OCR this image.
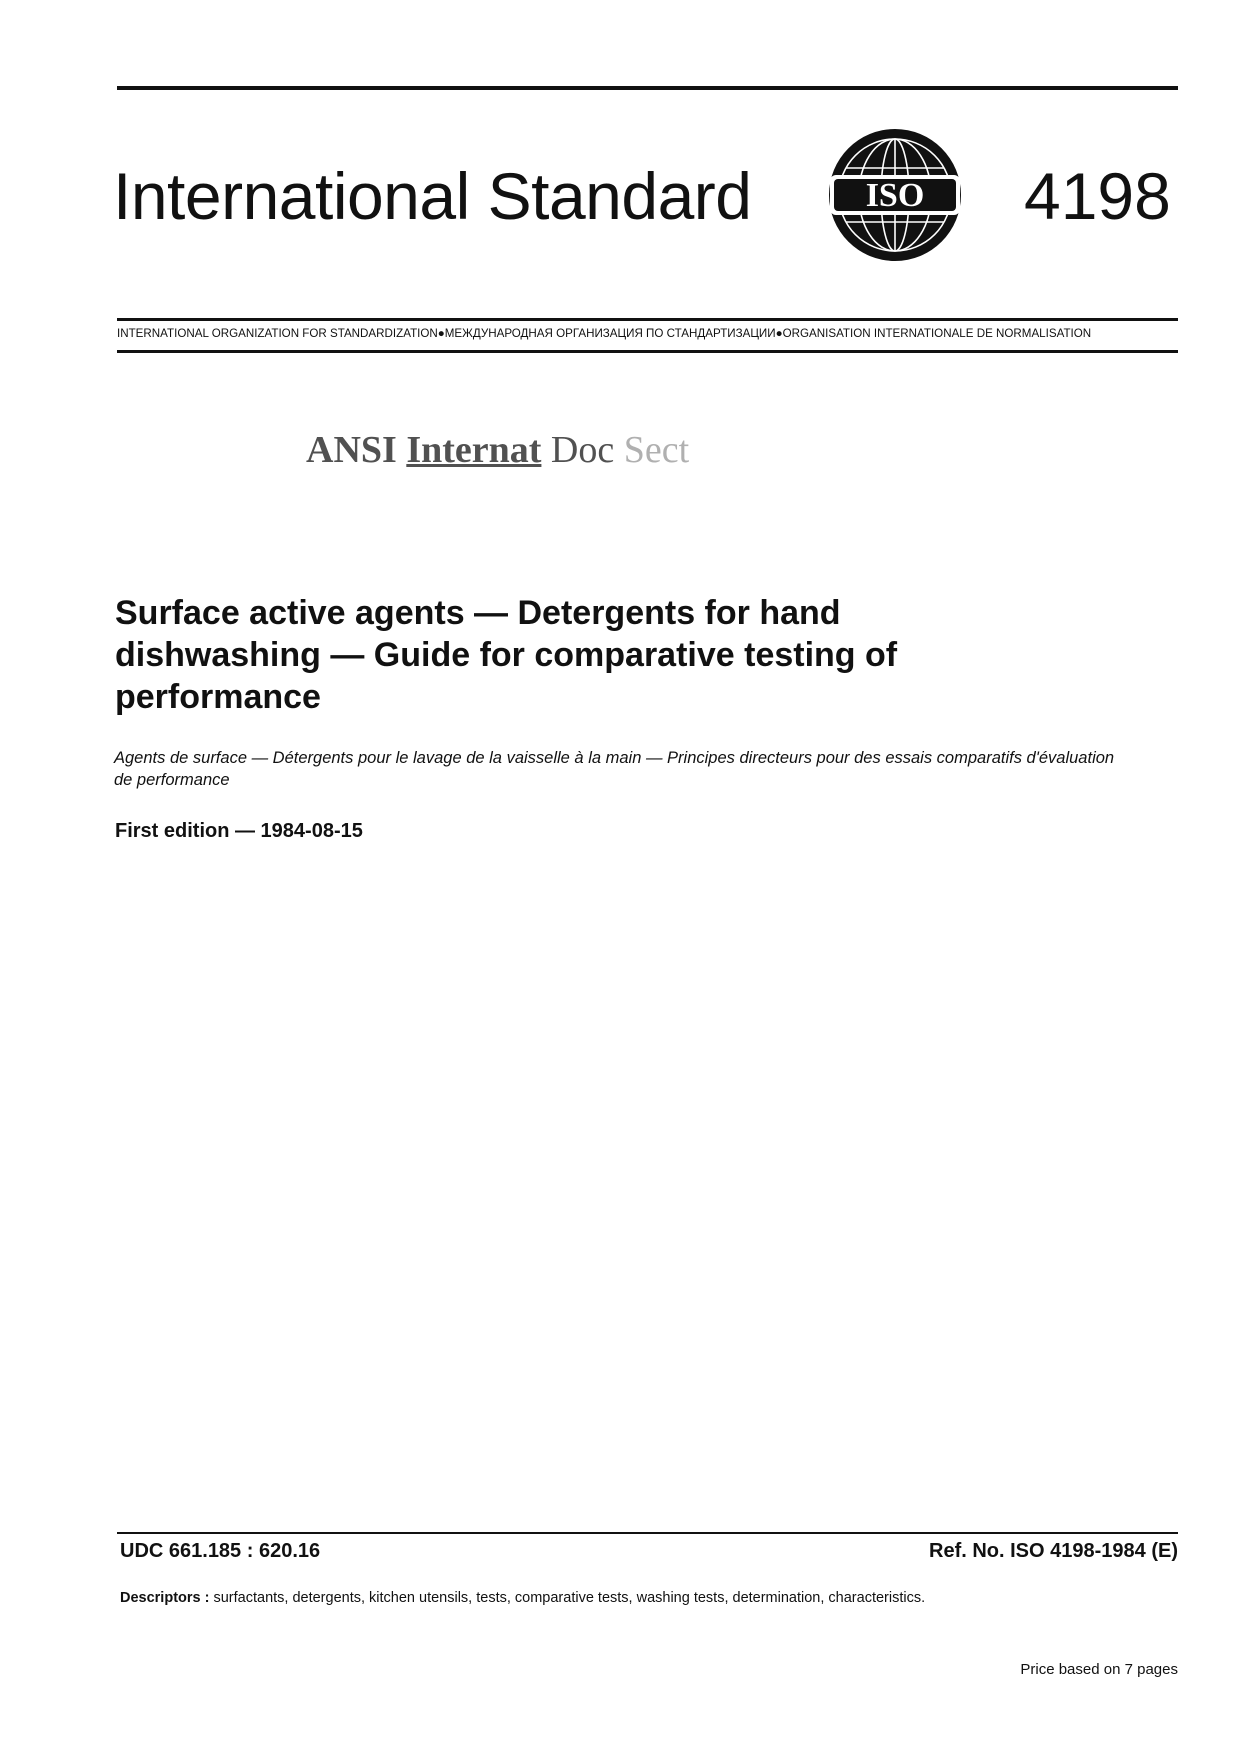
International Standard	ISO 4198
INTERNATIONAL ORGANIZATION FOR STANDARDIZATION●МЕЖДУНАРОДНАЯ ОРГАНИЗАЦИЯ ПО СТАНДАРТИЗАЦИИ●ORGANISATION INTERNATIONALE DE NORMALISATION
ANSI Internat Doc Sect
Surface active agents — Detergents for hand dishwashing — Guide for comparative testing of performance

Agents de surface — Détergents pour le lavage de la vaisselle à la main — Principes directeurs pour des essais comparatifs d'évaluation de performance

First edition — 1984-08-15
UDC 661.185 : 620.16	Ref. No. ISO 4198-1984 (E)
Descriptors : surfactants, detergents, kitchen utensils, tests, comparative tests, washing tests, determination, characteristics.
Price based on 7 pages
